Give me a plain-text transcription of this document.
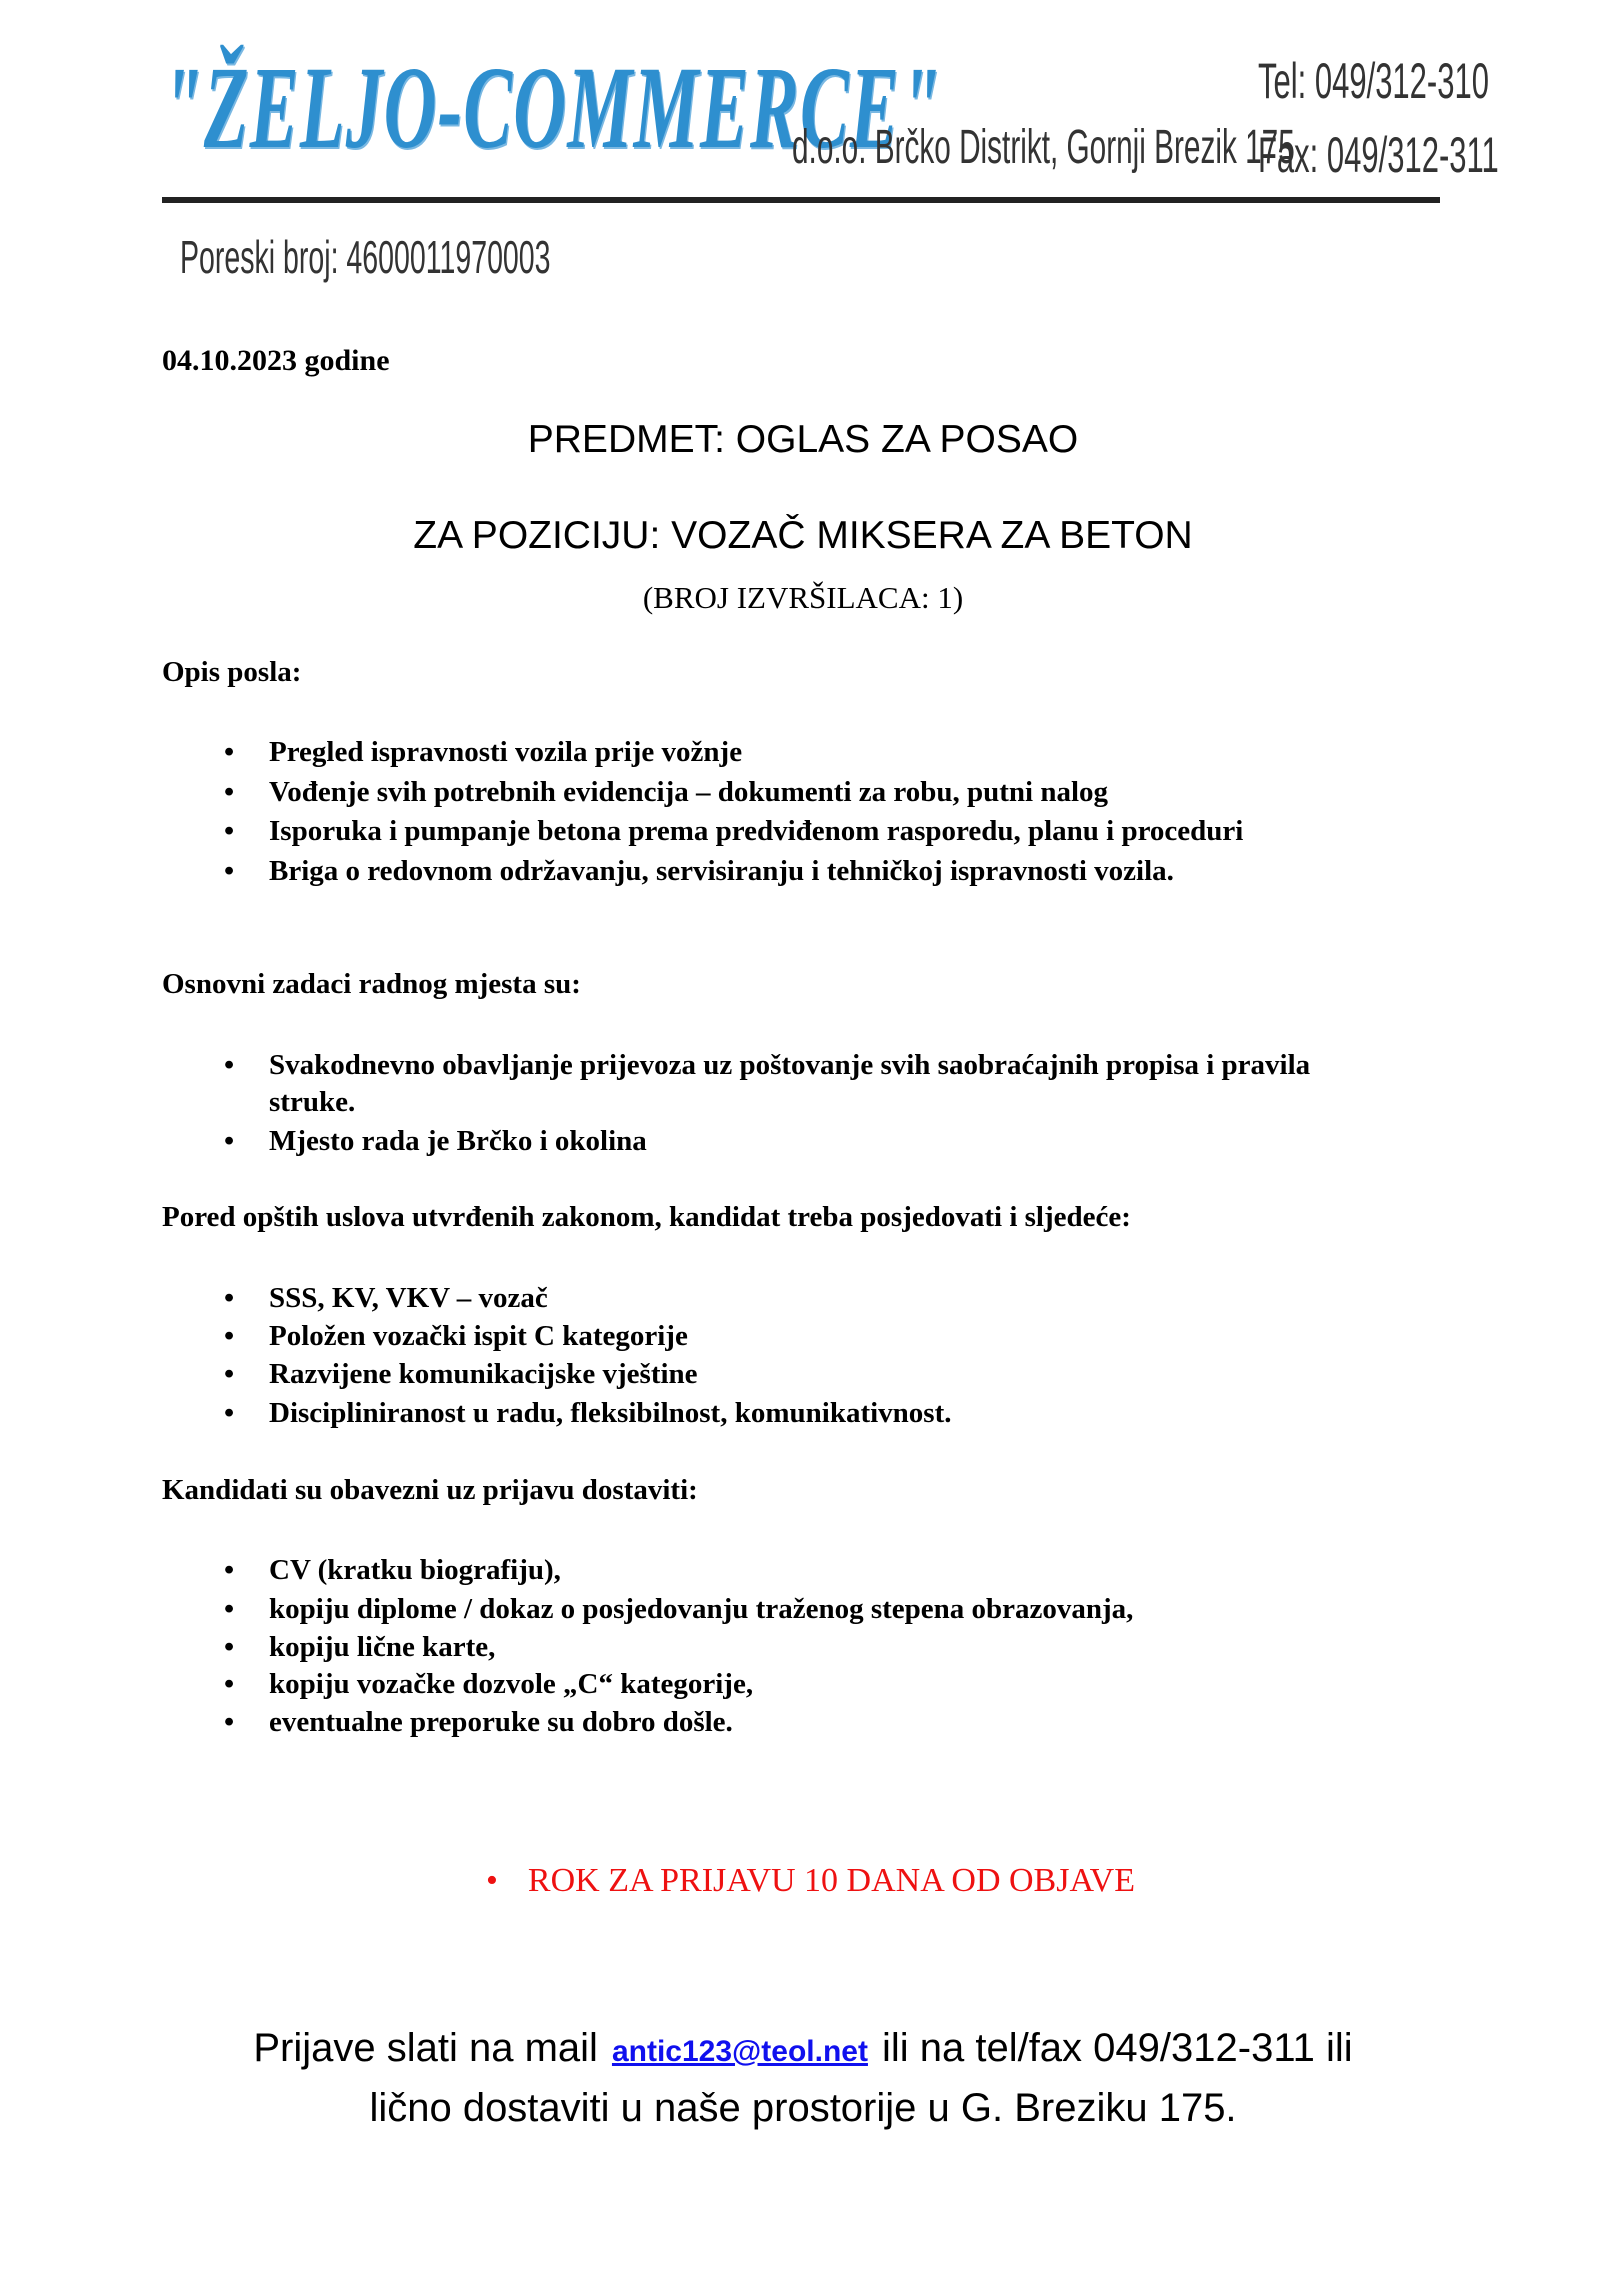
"ŽELJO-COMMERCE"
d.o.o. Brčko Distrikt, Gornji Brezik 175
Tel: 049/312-310
Fax: 049/312-311
Poreski broj: 4600011970003
04.10.2023 godine
PREDMET: OGLAS ZA POSAO
ZA POZICIJU: VOZAČ MIKSERA ZA BETON
(BROJ IZVRŠILACA: 1)
Opis posla:
• Pregled ispravnosti vozila prije vožnje
• Vođenje svih potrebnih evidencija – dokumenti za robu, putni nalog
• Isporuka i pumpanje betona prema predviđenom rasporedu, planu i proceduri
• Briga o redovnom održavanju, servisiranju i tehničkoj ispravnosti vozila.
Osnovni zadaci radnog mjesta su:
• Svakodnevno obavljanje prijevoza uz poštovanje svih saobraćajnih propisa i pravila
struke.
• Mjesto rada je Brčko i okolina
Pored opštih uslova utvrđenih zakonom, kandidat treba posjedovati i sljedeće:
• SSS, KV, VKV – vozač
• Položen vozački ispit C kategorije
• Razvijene komunikacijske vještine
• Discipliniranost u radu, fleksibilnost, komunikativnost.
Kandidati su obavezni uz prijavu dostaviti:
• CV (kratku biografiju),
• kopiju diplome / dokaz o posjedovanju traženog stepena obrazovanja,
• kopiju lične karte,
• kopiju vozačke dozvole „C“ kategorije,
• eventualne preporuke su dobro došle.
• ROK ZA PRIJAVU 10 DANA OD OBJAVE
Prijave slati na mail antic123@teol.net ili na tel/fax 049/312-311 ili
lično dostaviti u naše prostorije u G. Breziku 175.
